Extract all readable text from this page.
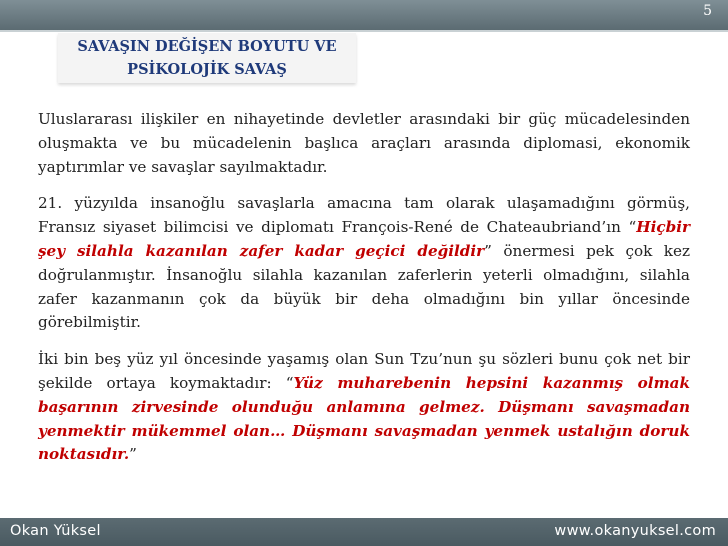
5
SAVAŞIN DEĞİŞEN BOYUTU VE
PSİKOLOJİK SAVAŞ

Uluslararası ilişkiler en nihayetinde devletler arasındaki bir güç mücadelesinden oluşmakta ve bu mücadelenin başlıca araçları arasında diplomasi, ekonomik yaptırımlar ve savaşlar sayılmaktadır.

21. yüzyılda insanoğlu savaşlarla amacına tam olarak ulaşamadığını görmüş, Fransız siyaset bilimcisi ve diplomatı François-René de Chateaubriand’ın “Hiçbir şey silahla kazanılan zafer kadar geçici değildir” önermesi pek çok kez doğrulanmıştır. İnsanoğlu silahla kazanılan zaferlerin yeterli olmadığını, silahla zafer kazanmanın çok da büyük bir deha olmadığını bin yıllar öncesinde görebilmiştir.

İki bin beş yüz yıl öncesinde yaşamış olan Sun Tzu’nun şu sözleri bunu çok net bir şekilde ortaya koymaktadır: “Yüz muharebenin hepsini kazanmış olmak başarının zirvesinde olunduğu anlamına gelmez. Düşmanı savaşmadan yenmektir mükemmel olan… Düşmanı savaşmadan yenmek ustalığın doruk noktasıdır.”

Okan Yüksel	www.okanyuksel.com
